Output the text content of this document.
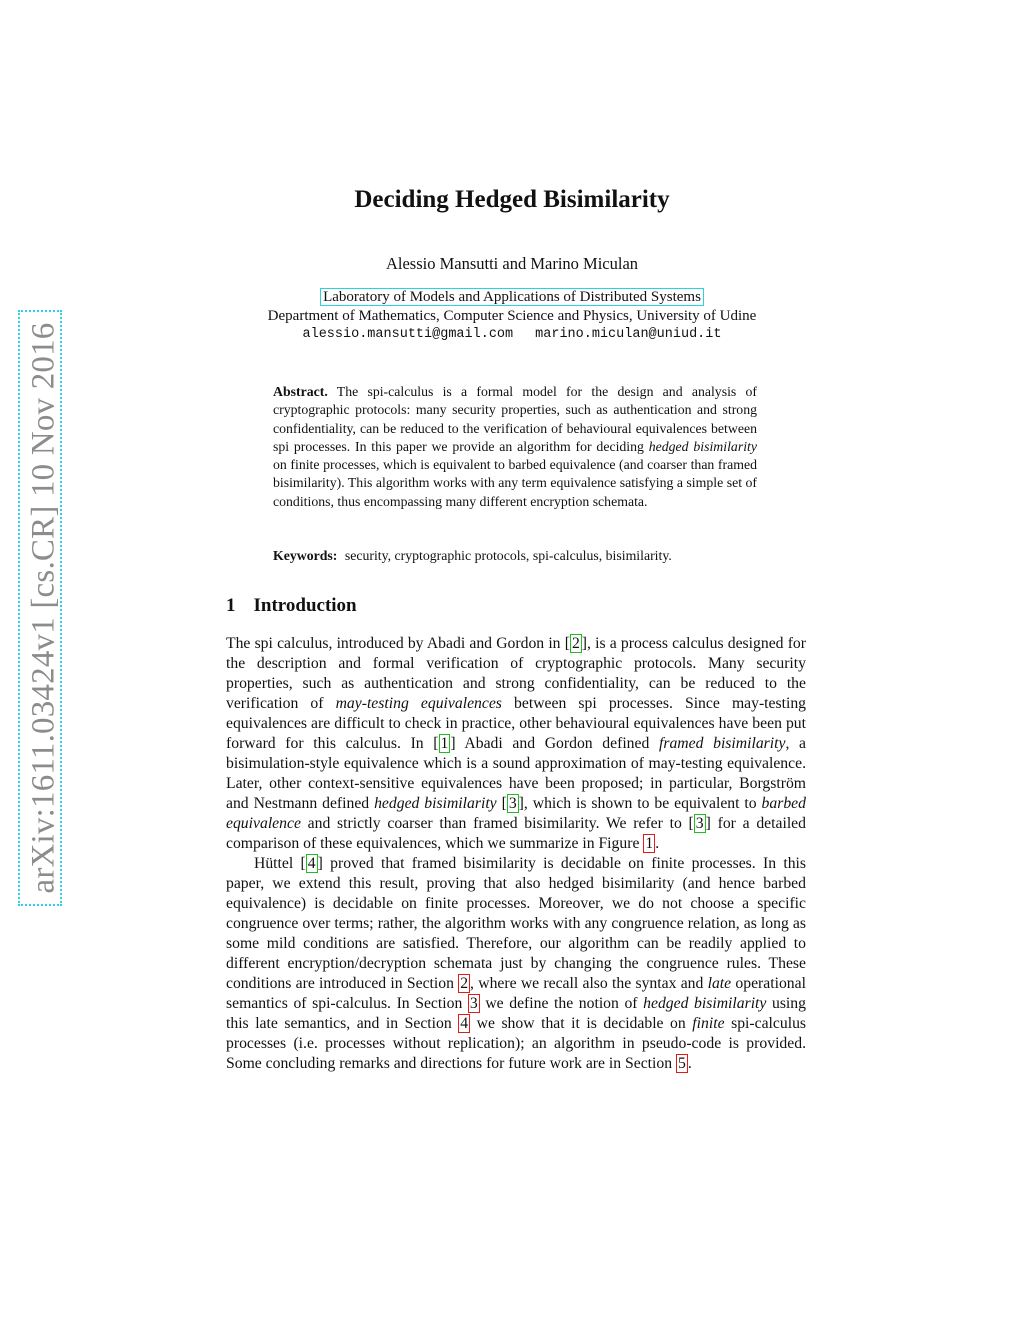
arXiv:1611.03424v1 [cs.CR] 10 Nov 2016
Deciding Hedged Bisimilarity
Alessio Mansutti and Marino Miculan
Laboratory of Models and Applications of Distributed Systems
Department of Mathematics, Computer Science and Physics, University of Udine
alessio.mansutti@gmail.com marino.miculan@uniud.it
Abstract. The spi-calculus is a formal model for the design and analysis of cryptographic protocols: many security properties, such as authentication and strong confidentiality, can be reduced to the verification of behavioural equivalences between spi processes. In this paper we provide an algorithm for deciding hedged bisimilarity on finite processes, which is equivalent to barbed equivalence (and coarser than framed bisimilarity). This algorithm works with any term equivalence satisfying a simple set of conditions, thus encompassing many different encryption schemata.
Keywords: security, cryptographic protocols, spi-calculus, bisimilarity.
1 Introduction

The spi calculus, introduced by Abadi and Gordon in [ 2 ], is a process calculus designed for the description and formal verification of cryptographic protocols. Many security properties, such as authentication and strong confidentiality, can be reduced to the verification of may-testing equivalences between spi processes. Since may-testing equivalences are difficult to check in practice, other behavioural equivalences have been put forward for this calculus. In [ 1 ] Abadi and Gordon defined framed bisimilarity, a bisimulation-style equivalence which is a sound approximation of may-testing equivalence. Later, other context-sensitive equivalences have been proposed; in particular, Borgström and Nestmann defined hedged bisimilarity [ 3 ], which is shown to be equivalent to barbed equivalence and strictly coarser than framed bisimilarity. We refer to [ 3 ] for a detailed comparison of these equivalences, which we summarize in Figure 1 .

Hüttel [ 4 ] proved that framed bisimilarity is decidable on finite processes. In this paper, we extend this result, proving that also hedged bisimilarity (and hence barbed equivalence) is decidable on finite processes. Moreover, we do not choose a specific congruence over terms; rather, the algorithm works with any congruence relation, as long as some mild conditions are satisfied. Therefore, our algorithm can be readily applied to different encryption/decryption schemata just by changing the congruence rules. These conditions are introduced in Section 2 , where we recall also the syntax and late operational semantics of spi-calculus. In Section 3 we define the notion of hedged bisimilarity using this late semantics, and in Section 4 we show that it is decidable on finite spi-calculus processes (i.e. processes without replication); an algorithm in pseudo-code is provided. Some concluding remarks and directions for future work are in Section 5 .
